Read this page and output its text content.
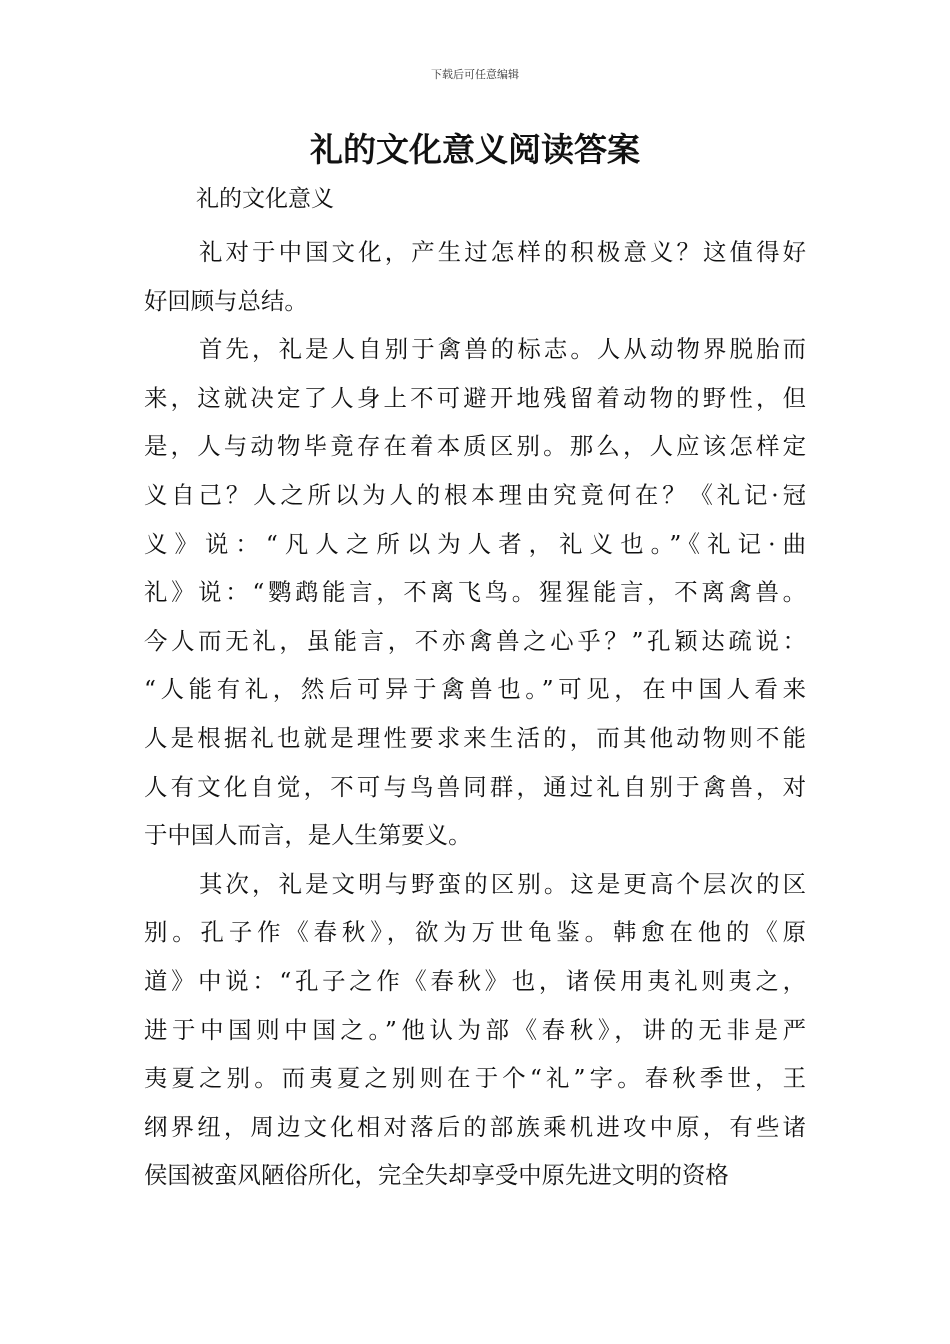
下载后可任意编辑
礼的文化意义阅读答案
礼的文化意义
礼对于中国文化，产生过怎样的积极意义？这值得好
好回顾与总结。
首先，礼是人自别于禽兽的标志。人从动物界脱胎而
来，这就决定了人身上不可避开地残留着动物的野性，但
是，人与动物毕竟存在着本质区别。那么，人应该怎样定
义自己？人之所以为人的根本理由究竟何在？《礼记·冠
义》说：“凡人之所以为人者，礼义也。”《礼记·曲
礼》说：“鹦鹉能言，不离飞鸟。猩猩能言，不离禽兽。
今人而无礼，虽能言，不亦禽兽之心乎？”孔颖达疏说：
“人能有礼，然后可异于禽兽也。”可见，在中国人看来
人是根据礼也就是理性要求来生活的，而其他动物则不能
人有文化自觉，不可与鸟兽同群，通过礼自别于禽兽，对
于中国人而言，是人生第要义。
其次，礼是文明与野蛮的区别。这是更高个层次的区
别。孔子作《春秋》，欲为万世龟鉴。韩愈在他的《原
道》中说：“孔子之作《春秋》也，诸侯用夷礼则夷之，
进于中国则中国之。”他认为部《春秋》，讲的无非是严
夷夏之别。而夷夏之别则在于个“礼”字。春秋季世，王
纲界纽，周边文化相对落后的部族乘机进攻中原，有些诸
侯国被蛮风陋俗所化，完全失却享受中原先进文明的资格
